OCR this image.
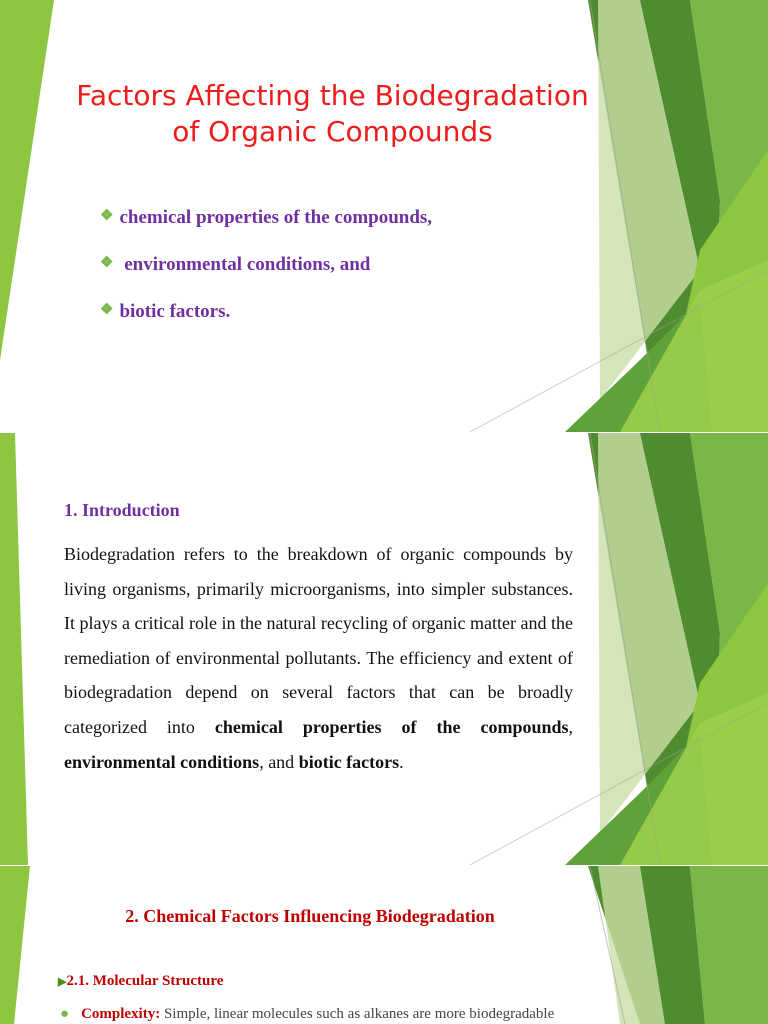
Factors Affecting the Biodegradation
of Organic Compounds
❖ chemical properties of the compounds,
❖ environmental conditions, and
❖ biotic factors.
1. Introduction

Biodegradation refers to the breakdown of organic compounds by living organisms, primarily microorganisms, into simpler substances. It plays a critical role in the natural recycling of organic matter and the remediation of environmental pollutants. The efficiency and extent of biodegradation depend on several factors that can be broadly categorized into chemical properties of the compounds, environmental conditions, and biotic factors.

2. Chemical Factors Influencing Biodegradation

▶2.1. Molecular Structure

● Complexity: Simple, linear molecules such as alkanes are more biodegradable
